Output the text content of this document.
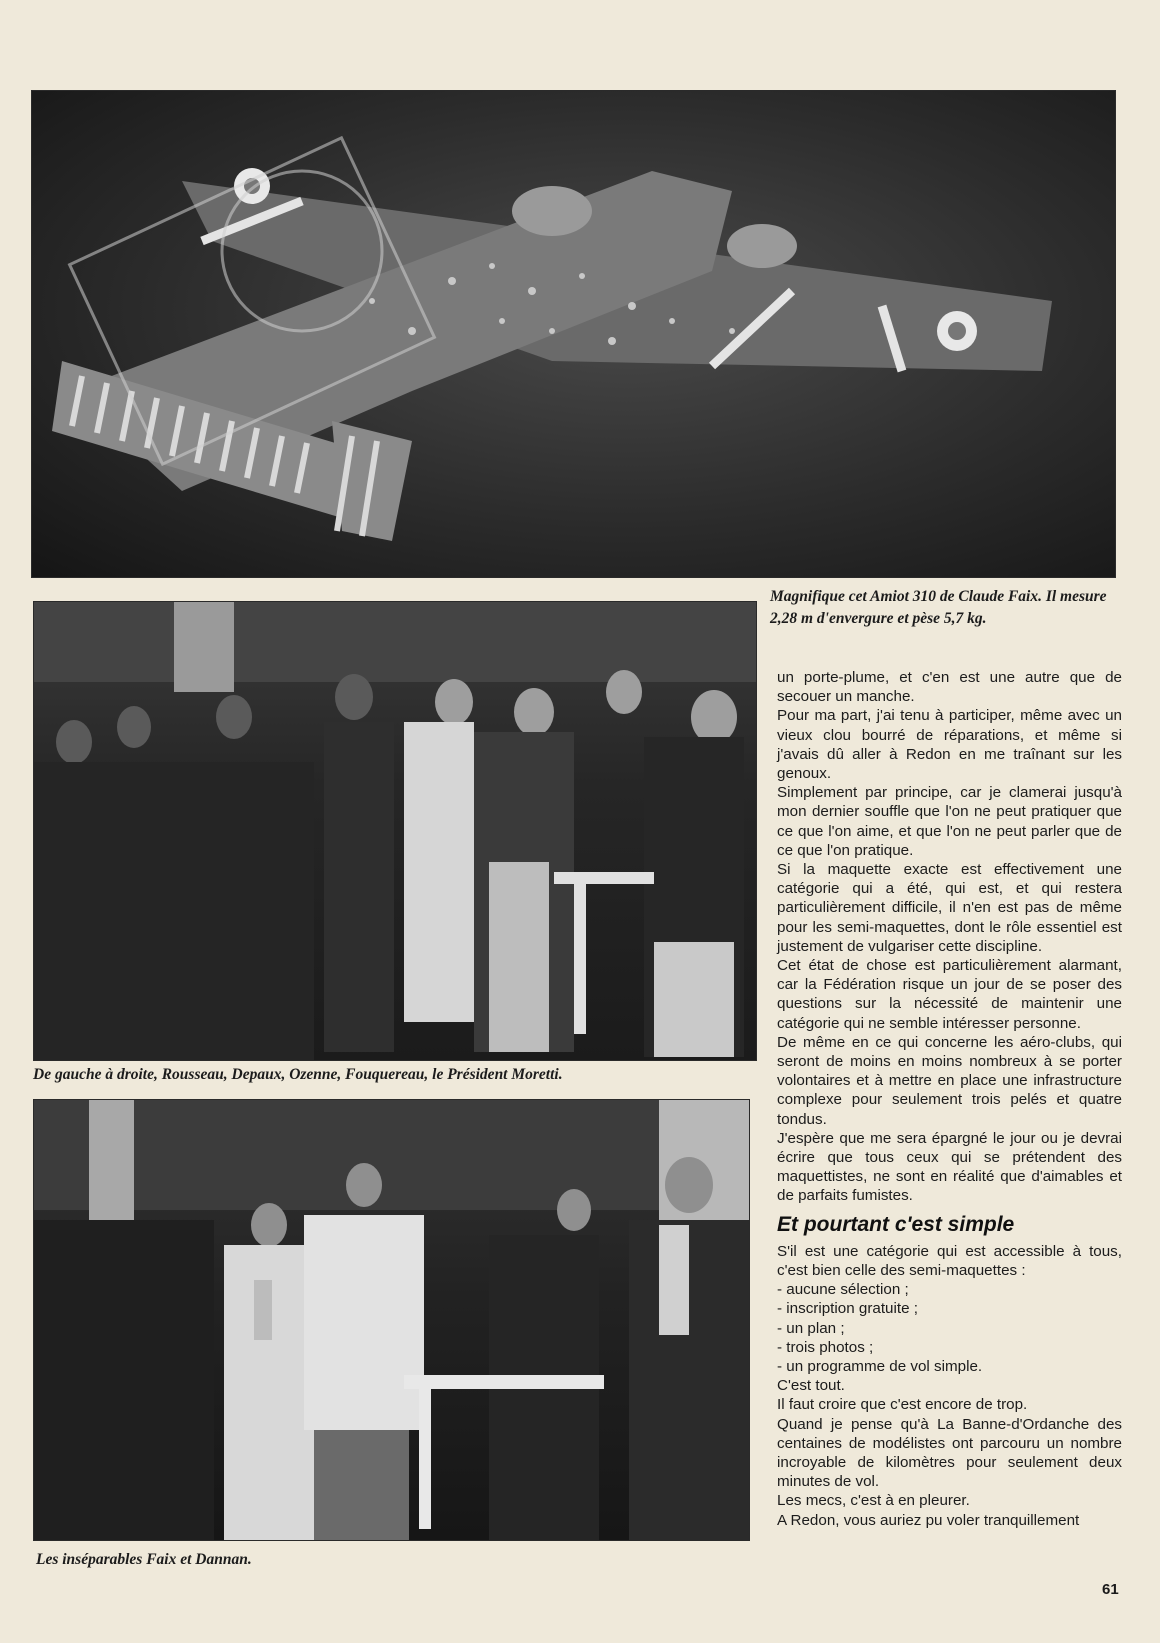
Magnifique cet Amiot 310 de Claude Faix. Il mesure 2,28 m d'envergure et pèse 5,7 kg.
De gauche à droite, Rousseau, Depaux, Ozenne, Fouquereau, le Président Moretti.
Les inséparables Faix et Dannan.

un porte-plume, et c'en est une autre que de secouer un manche.

Pour ma part, j'ai tenu à participer, même avec un vieux clou bourré de réparations, et même si j'avais dû aller à Redon en me traînant sur les genoux.

Simplement par principe, car je clamerai jusqu'à mon dernier souffle que l'on ne peut pratiquer que ce que l'on aime, et que l'on ne peut parler que de ce que l'on pratique.

Si la maquette exacte est effectivement une catégorie qui a été, qui est, et qui restera particulièrement difficile, il n'en est pas de même pour les semi-maquettes, dont le rôle essentiel est justement de vulgariser cette discipline.

Cet état de chose est particulièrement alarmant, car la Fédération risque un jour de se poser des questions sur la nécessité de maintenir une catégorie qui ne semble intéresser personne.

De même en ce qui concerne les aéro-clubs, qui seront de moins en moins nombreux à se porter volontaires et à mettre en place une infrastructure complexe pour seulement trois pelés et quatre tondus.

J'espère que me sera épargné le jour ou je devrai écrire que tous ceux qui se prétendent des maquettistes, ne sont en réalité que d'aimables et de parfaits fumistes.

Et pourtant c'est simple

S'il est une catégorie qui est accessible à tous, c'est bien celle des semi-maquettes :

- aucune sélection ;
- inscription gratuite ;
- un plan ;
- trois photos ;
- un programme de vol simple.

C'est tout.

Il faut croire que c'est encore de trop.

Quand je pense qu'à La Banne-d'Ordanche des centaines de modélistes ont parcouru un nombre incroyable de kilomètres pour seulement deux minutes de vol.

Les mecs, c'est à en pleurer.

A Redon, vous auriez pu voler tranquillement

61
